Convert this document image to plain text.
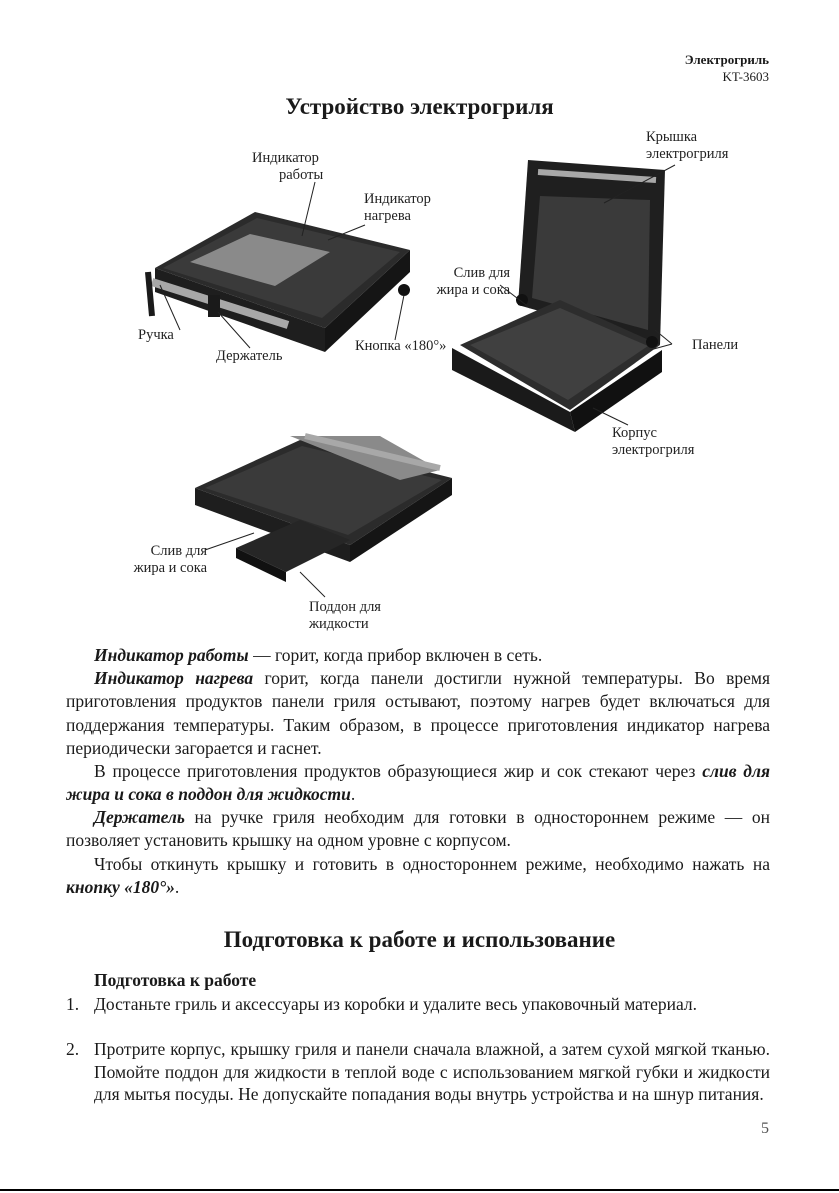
Электрогриль
KT-3603
Устройство электрогриля
Индикатор
работы
Индикатор
нагрева
Ручка
Держатель
Кнопка «180°»
Крышка
электрогриля
Слив для
жира и сока
Панели
Корпус
электрогриля
Слив для
жира и сока
Поддон для
жидкости
Индикатор работы — горит, когда прибор включен в сеть.
Индикатор нагрева горит, когда панели достигли нужной температуры. Во время приготовления продуктов панели гриля остывают, поэтому нагрев будет включаться для поддержания температуры. Таким образом, в процессе приготовления индикатор нагрева периодически загорается и гаснет.
В процессе приготовления продуктов образующиеся жир и сок стекают через слив для жира и сока в поддон для жидкости.
Держатель на ручке гриля необходим для готовки в одностороннем режиме — он позволяет установить крышку на одном уровне с корпусом.
Чтобы откинуть крышку и готовить в одностороннем режиме, необходимо нажать на кнопку «180°».
Подготовка к работе и использование
Подготовка к работе
1. Достаньте гриль и аксессуары из коробки и удалите весь упаковочный материал.
2. Протрите корпус, крышку гриля и панели сначала влажной, а затем сухой мягкой тканью. Помойте поддон для жидкости в теплой воде с использованием мягкой губки и жидкости для мытья посуды. Не допускайте попадания воды внутрь устройства и на шнур питания.
5
